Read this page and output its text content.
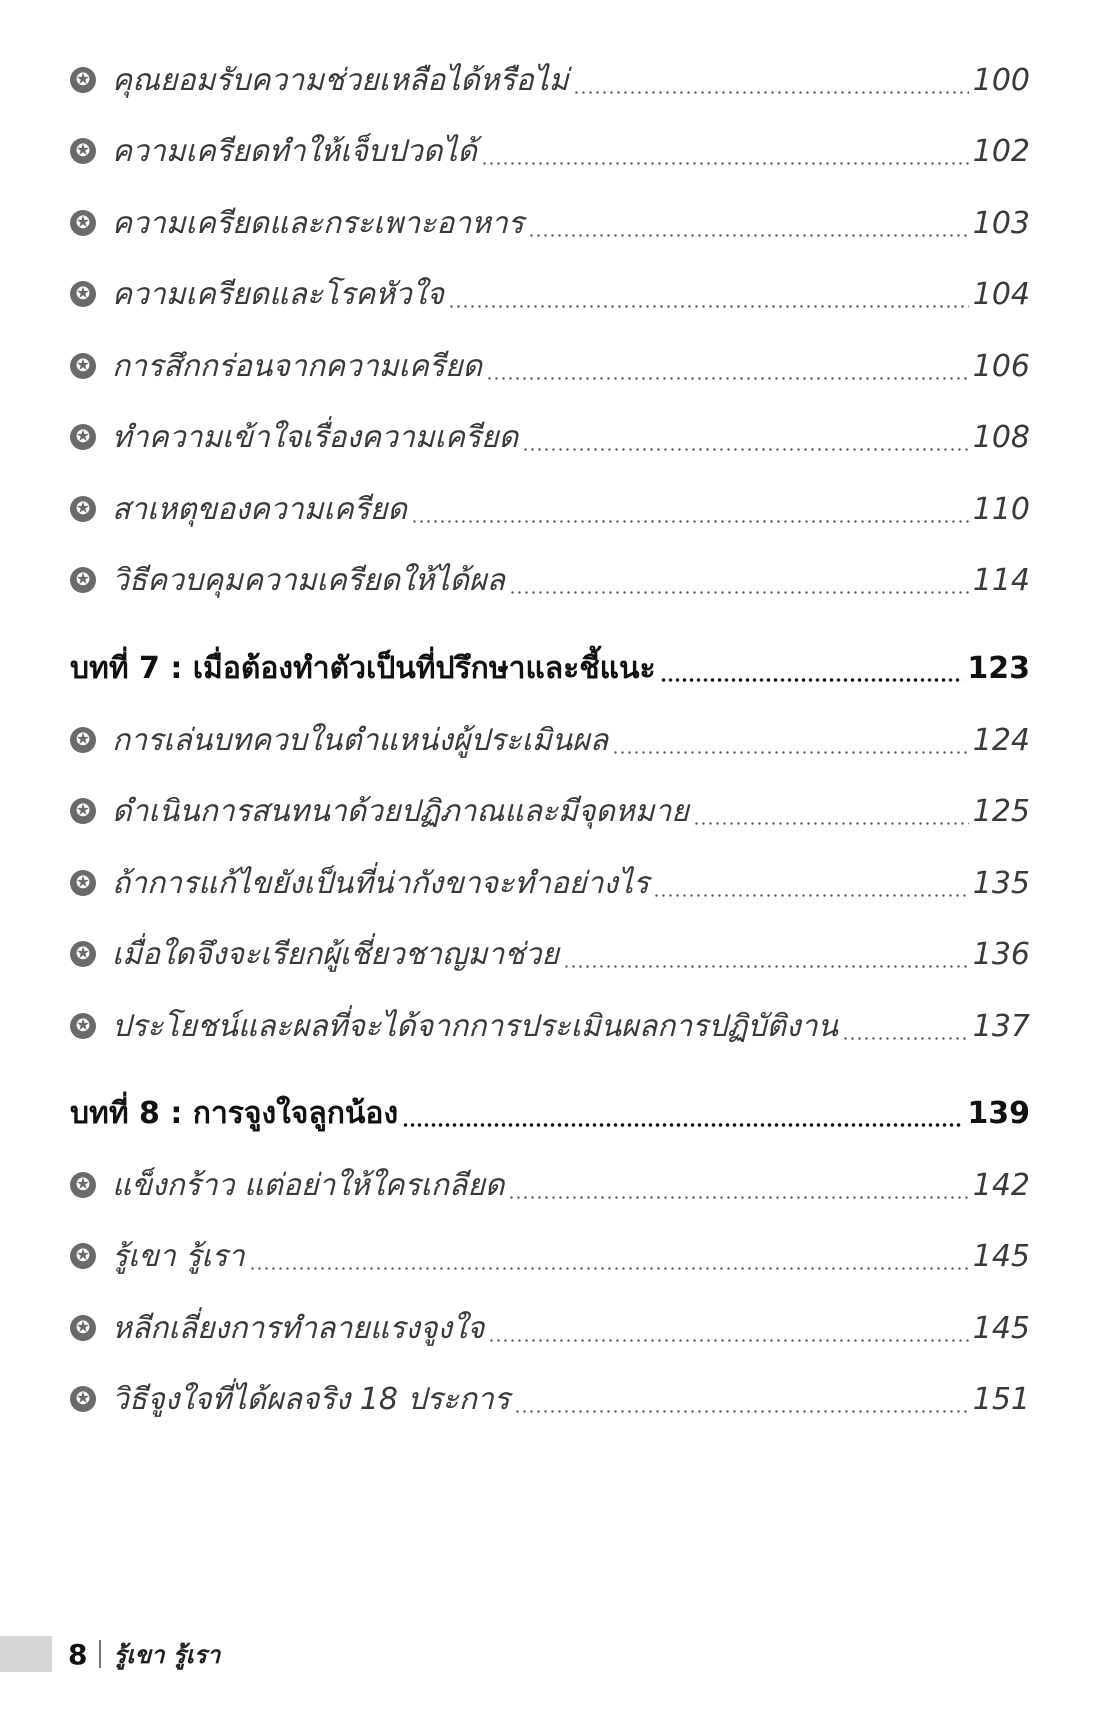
✪ คุณยอมรับความช่วยเหลือได้หรือไม่	100
✪ ความเครียดทำให้เจ็บปวดได้	102
✪ ความเครียดและกระเพาะอาหาร	103
✪ ความเครียดและโรคหัวใจ	104
✪ การสึกกร่อนจากความเครียด	106
✪ ทำความเข้าใจเรื่องความเครียด	108
✪ สาเหตุของความเครียด	110
✪ วิธีควบคุมความเครียดให้ได้ผล	114
บทที่ 7 : เมื่อต้องทำตัวเป็นที่ปรึกษาและชี้แนะ	123
✪ การเล่นบทควบในตำแหน่งผู้ประเมินผล	124
✪ ดำเนินการสนทนาด้วยปฏิภาณและมีจุดหมาย	125
✪ ถ้าการแก้ไขยังเป็นที่น่ากังขาจะทำอย่างไร	135
✪ เมื่อใดจึงจะเรียกผู้เชี่ยวชาญมาช่วย	136
✪ ประโยชน์และผลที่จะได้จากการประเมินผลการปฏิบัติงาน	137
บทที่ 8 : การจูงใจลูกน้อง	139
✪ แข็งกร้าว แต่อย่าให้ใครเกลียด	142
✪ รู้เขา รู้เรา	145
✪ หลีกเลี่ยงการทำลายแรงจูงใจ	145
✪ วิธีจูงใจที่ได้ผลจริง 18 ประการ	151
8 รู้เขา รู้เรา
